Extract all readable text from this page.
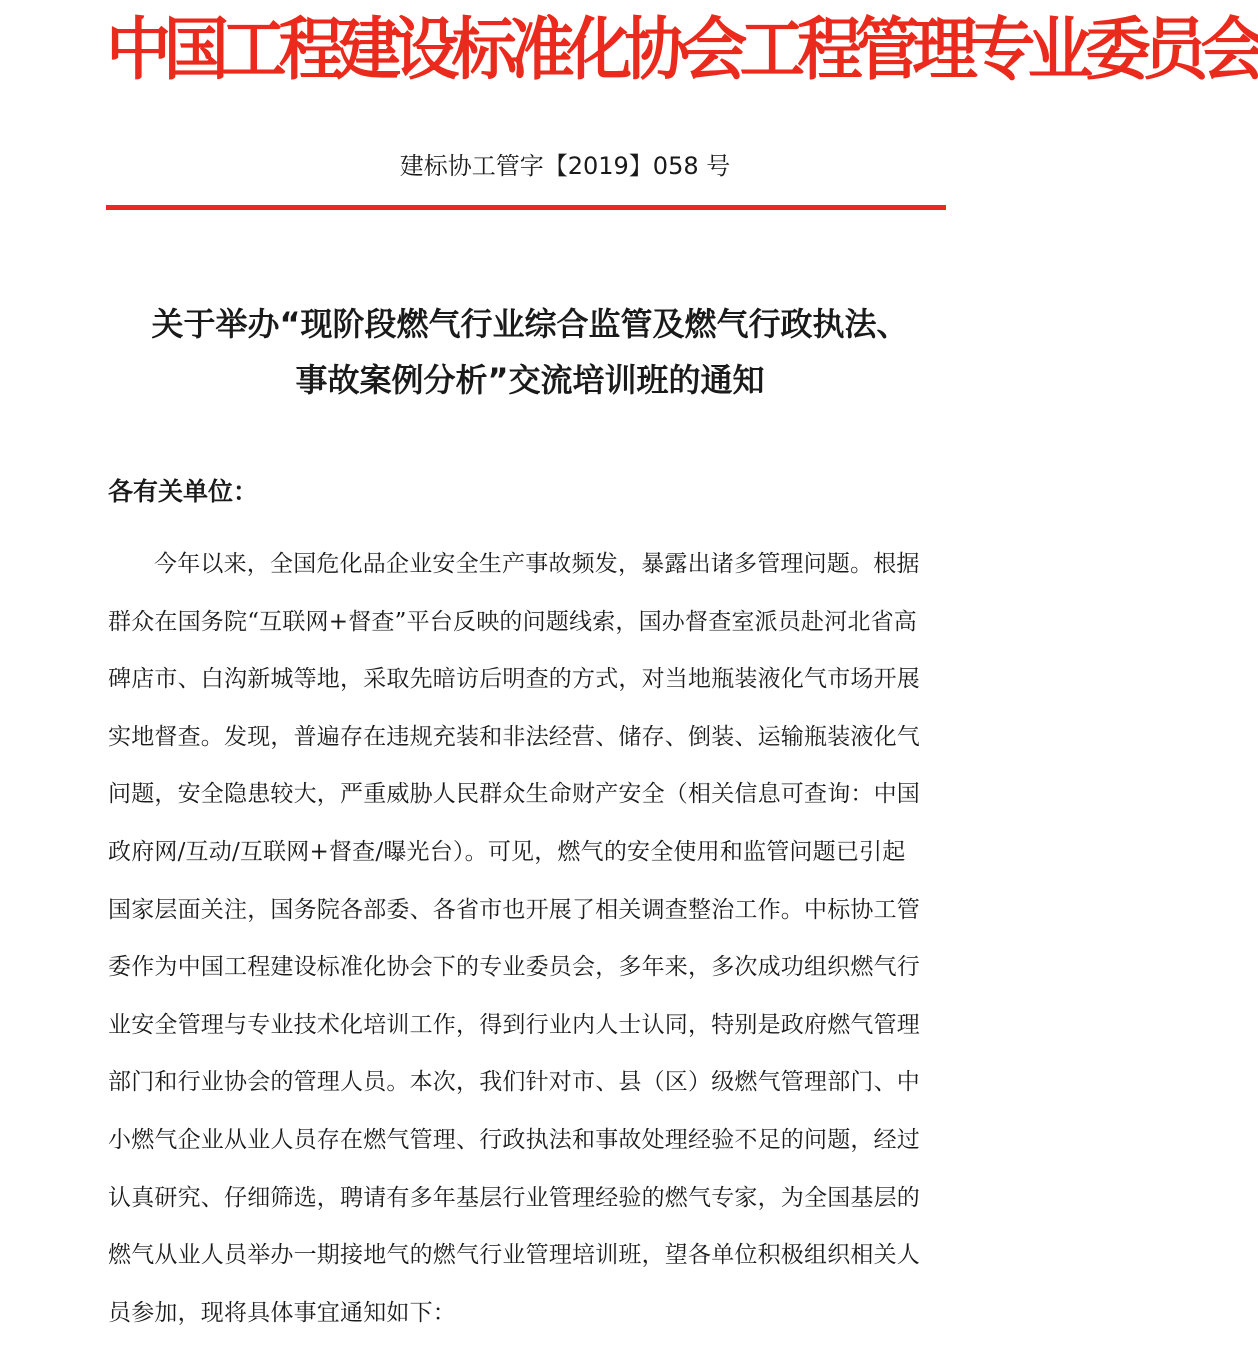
中国工程建设标准化协会工程管理专业委员会
建标协工管字【2019】058 号
关于举办“现阶段燃气行业综合监管及燃气行政执法、
事故案例分析”交流培训班的通知
各有关单位：
今年以来，全国危化品企业安全生产事故频发，暴露出诸多管理问题。根据
群众在国务院“互联网+督查”平台反映的问题线索，国办督查室派员赴河北省高
碑店市、白沟新城等地，采取先暗访后明查的方式，对当地瓶装液化气市场开展
实地督查。发现，普遍存在违规充装和非法经营、储存、倒装、运输瓶装液化气
问题，安全隐患较大，严重威胁人民群众生命财产安全（相关信息可查询：中国
政府网/互动/互联网+督查/曝光台）。可见，燃气的安全使用和监管问题已引起
国家层面关注，国务院各部委、各省市也开展了相关调查整治工作。中标协工管
委作为中国工程建设标准化协会下的专业委员会，多年来，多次成功组织燃气行
业安全管理与专业技术化培训工作，得到行业内人士认同，特别是政府燃气管理
部门和行业协会的管理人员。本次，我们针对市、县（区）级燃气管理部门、中
小燃气企业从业人员存在燃气管理、行政执法和事故处理经验不足的问题，经过
认真研究、仔细筛选，聘请有多年基层行业管理经验的燃气专家，为全国基层的
燃气从业人员举办一期接地气的燃气行业管理培训班，望各单位积极组织相关人
员参加，现将具体事宜通知如下：
